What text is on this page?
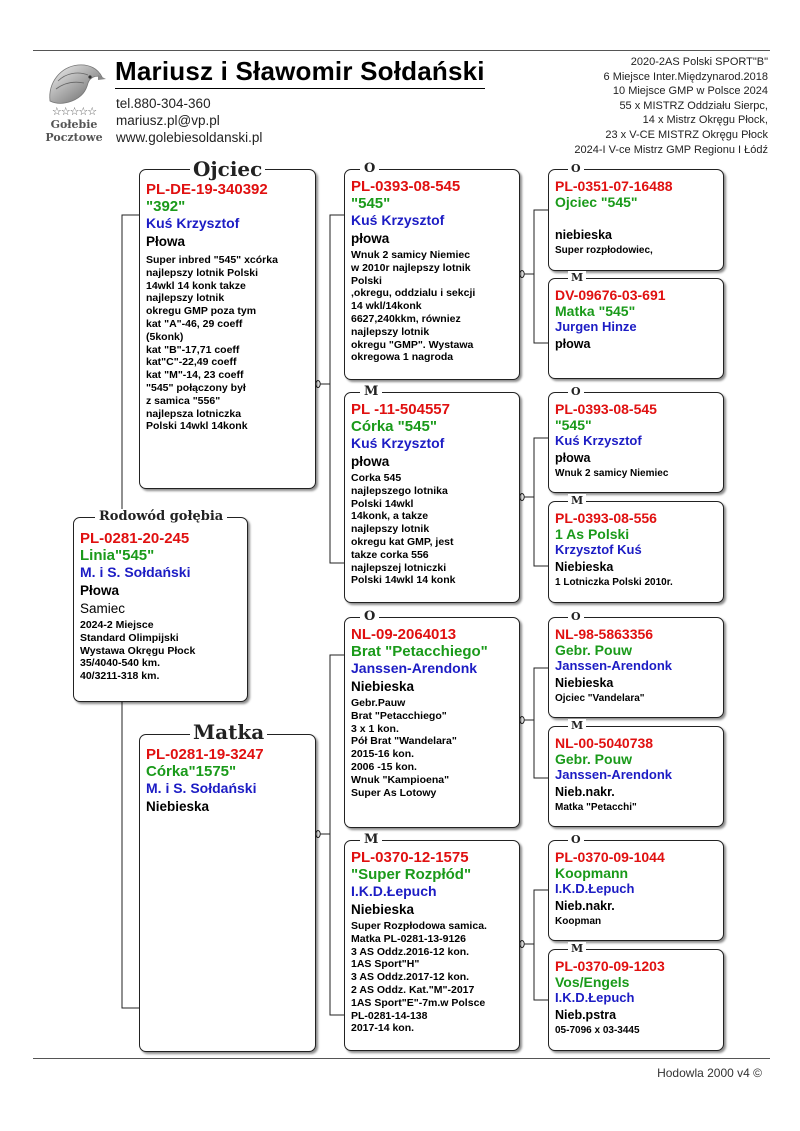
☆☆☆☆☆
Gołebie
Pocztowe
Mariusz i Sławomir Sołdański
tel.880-304-360
mariusz.pl@vp.pl
www.golebiesoldanski.pl
2020-2AS Polski SPORT"B"
6 Miejsce Inter.Międzynarod.2018
10 Miejsce GMP w Polsce 2024
55 x MISTRZ Oddziału Sierpc,
14 x Mistrz Okręgu Płock,
23 x V-CE MISTRZ Okręgu Płock
2024-I V-ce Mistrz GMP Regionu I Łódź
PL-0281-20-245
Linia"545"
M. i S. Sołdański
Płowa
Samiec
2024-2 Miejsce
Standard Olimpijski
Wystawa Okręgu Płock
35/4040-540 km.
40/3211-318 km.
Rodowód gołębia
PL-DE-19-340392
"392"
Kuś Krzysztof
Płowa
Super inbred "545" xcórka
najlepszy lotnik Polski
14wkl 14 konk takze
najlepszy lotnik
okregu GMP poza tym
kat "A"-46, 29 coeff
(5konk)
kat "B"-17,71 coeff
kat"C"-22,49 coeff
kat "M"-14, 23 coeff
"545" połączony był
z samica "556"
najlepsza lotniczka
Polski 14wkl 14konk
Ojciec
PL-0281-19-3247
Córka"1575"
M. i S. Sołdański
Niebieska
Matka
PL-0393-08-545
"545"
Kuś Krzysztof
płowa
Wnuk 2 samicy Niemiec
w 2010r najlepszy lotnik
Polski
,okregu, oddzialu i sekcji
14 wkl/14konk
6627,240kkm, równiez
najlepszy lotnik
okregu "GMP". Wystawa
okregowa 1 nagroda
O
PL -11-504557
Córka "545"
Kuś Krzysztof
płowa
Corka 545
najlepszego lotnika
Polski 14wkl
14konk, a takze
najlepszy lotnik
okregu kat GMP, jest
takze corka 556
najlepszej lotniczki
Polski 14wkl 14 konk
M
NL-09-2064013
Brat "Petacchiego"
Janssen-Arendonk
Niebieska
Gebr.Pauw
Brat "Petacchiego"
3 x 1 kon.
Pół Brat "Wandelara"
2015-16 kon.
2006 -15 kon.
Wnuk "Kampioena"
Super As Lotowy
O
PL-0370-12-1575
"Super Rozpłód"
I.K.D.Łepuch
Niebieska
Super Rozpłodowa samica.
Matka PL-0281-13-9126
3 AS Oddz.2016-12 kon.
1AS Sport"H"
3 AS Oddz.2017-12 kon.
2 AS Oddz. Kat."M"-2017
1AS Sport"E"-7m.w Polsce
PL-0281-14-138
2017-14 kon.
M
PL-0351-07-16488
Ojciec "545"
niebieska
Super rozpłodowiec,
O
DV-09676-03-691
Matka "545"
Jurgen Hinze
płowa
M
PL-0393-08-545
"545"
Kuś Krzysztof
płowa
Wnuk 2 samicy Niemiec
O
PL-0393-08-556
1 As Polski
Krzysztof Kuś
Niebieska
1 Lotniczka Polski 2010r.
M
NL-98-5863356
Gebr. Pouw
Janssen-Arendonk
Niebieska
Ojciec "Vandelara"
O
NL-00-5040738
Gebr. Pouw
Janssen-Arendonk
Nieb.nakr.
Matka "Petacchi"
M
PL-0370-09-1044
Koopmann
I.K.D.Łepuch
Nieb.nakr.
Koopman
O
PL-0370-09-1203
Vos/Engels
I.K.D.Łepuch
Nieb.pstra
05-7096 x 03-3445
M
Hodowla 2000 v4 ©
